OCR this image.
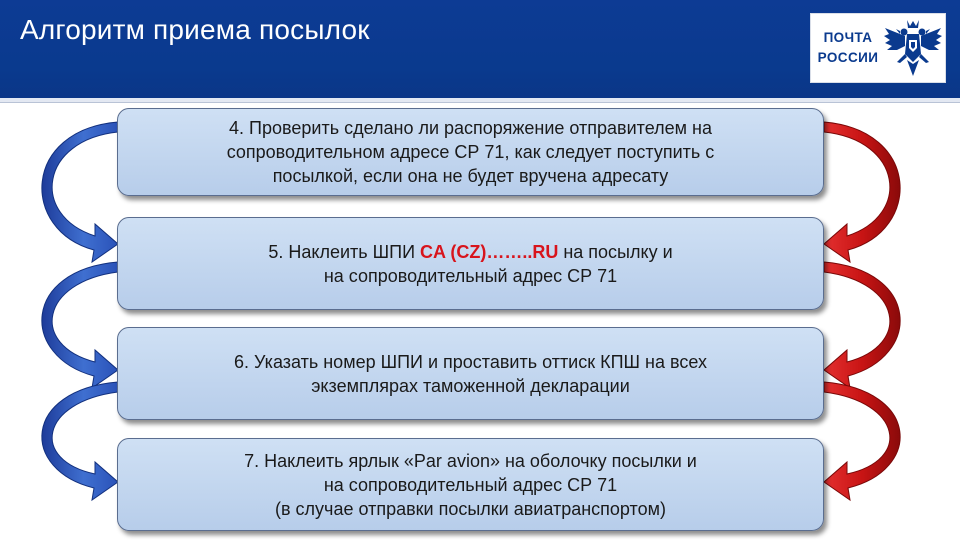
Алгоритм приема посылок	ПОЧТА
РОССИИ
4. Проверить сделано ли распоряжение отправителем на
сопроводительном адресе СР 71, как следует поступить с
посылкой, если она не будет вручена адресату
5. Наклеить ШПИ CA (CZ)……..RU на посылку и
на сопроводительный адрес СР 71
6. Указать номер ШПИ и проставить оттиск КПШ на всех
экземплярах таможенной декларации
7. Наклеить ярлык «Par avion» на оболочку посылки и
на сопроводительный адрес СР 71
(в случае отправки посылки авиатранспортом)
